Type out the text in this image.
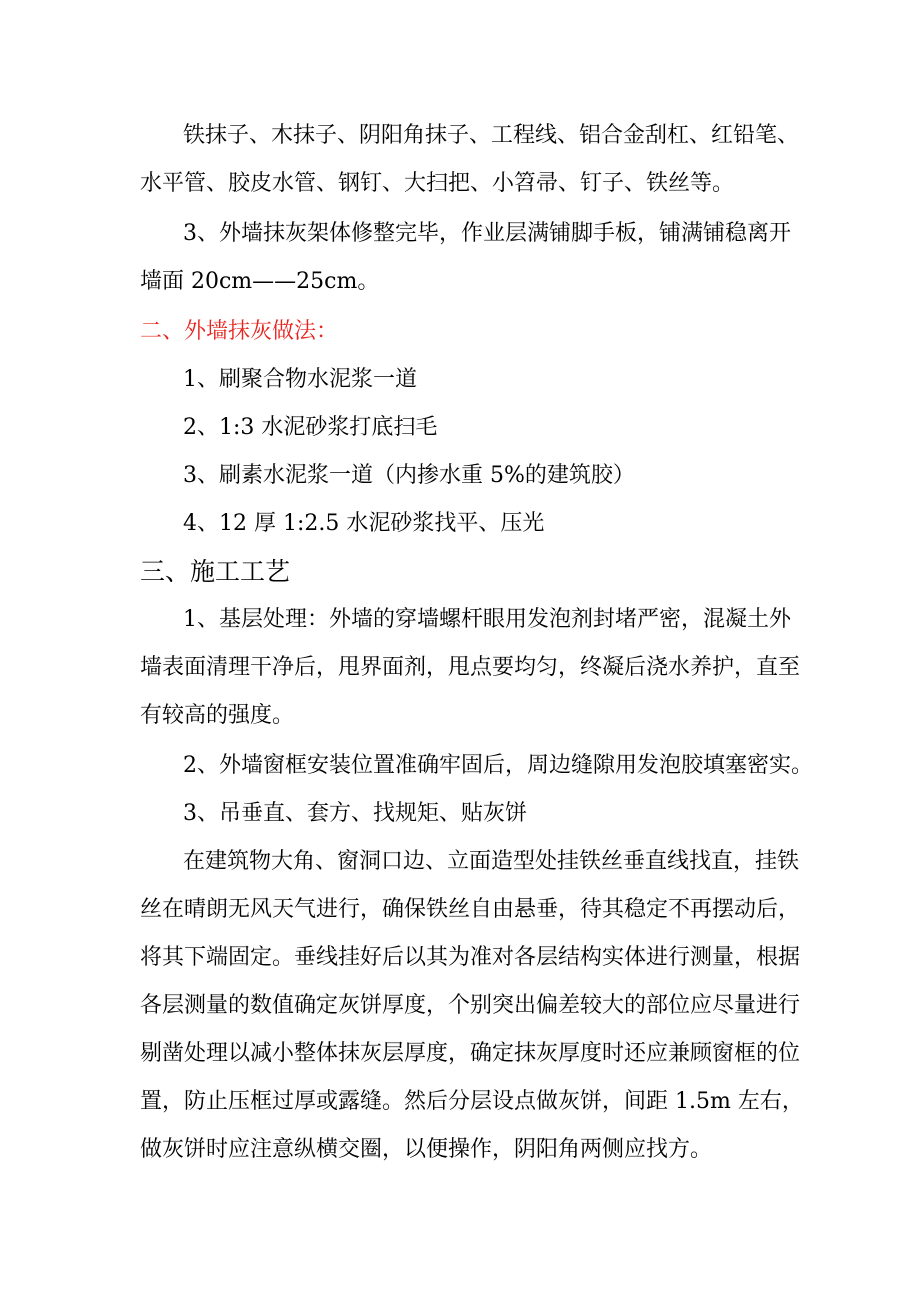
铁抹子、木抹子、阴阳角抹子、工程线、铝合金刮杠、红铅笔、
水平管、胶皮水管、钢钉、大扫把、小笤帚、钉子、铁丝等。
3、外墙抹灰架体修整完毕，作业层满铺脚手板，铺满铺稳离开
墙面 20cm——25cm。
二、外墙抹灰做法：
1、刷聚合物水泥浆一道
2、1:3 水泥砂浆打底扫毛
3、刷素水泥浆一道（内掺水重 5%的建筑胶）
4、12 厚 1:2.5 水泥砂浆找平、压光
三、施工工艺
1、基层处理：外墙的穿墙螺杆眼用发泡剂封堵严密，混凝土外
墙表面清理干净后，甩界面剂，甩点要均匀，终凝后浇水养护，直至
有较高的强度。
2、外墙窗框安装位置准确牢固后，周边缝隙用发泡胶填塞密实。
3、吊垂直、套方、找规矩、贴灰饼
在建筑物大角、窗洞口边、立面造型处挂铁丝垂直线找直，挂铁
丝在晴朗无风天气进行，确保铁丝自由悬垂，待其稳定不再摆动后，
将其下端固定。垂线挂好后以其为准对各层结构实体进行测量，根据
各层测量的数值确定灰饼厚度，个别突出偏差较大的部位应尽量进行
剔凿处理以减小整体抹灰层厚度，确定抹灰厚度时还应兼顾窗框的位
置，防止压框过厚或露缝。然后分层设点做灰饼，间距 1.5m 左右，
做灰饼时应注意纵横交圈，以便操作，阴阳角两侧应找方。
